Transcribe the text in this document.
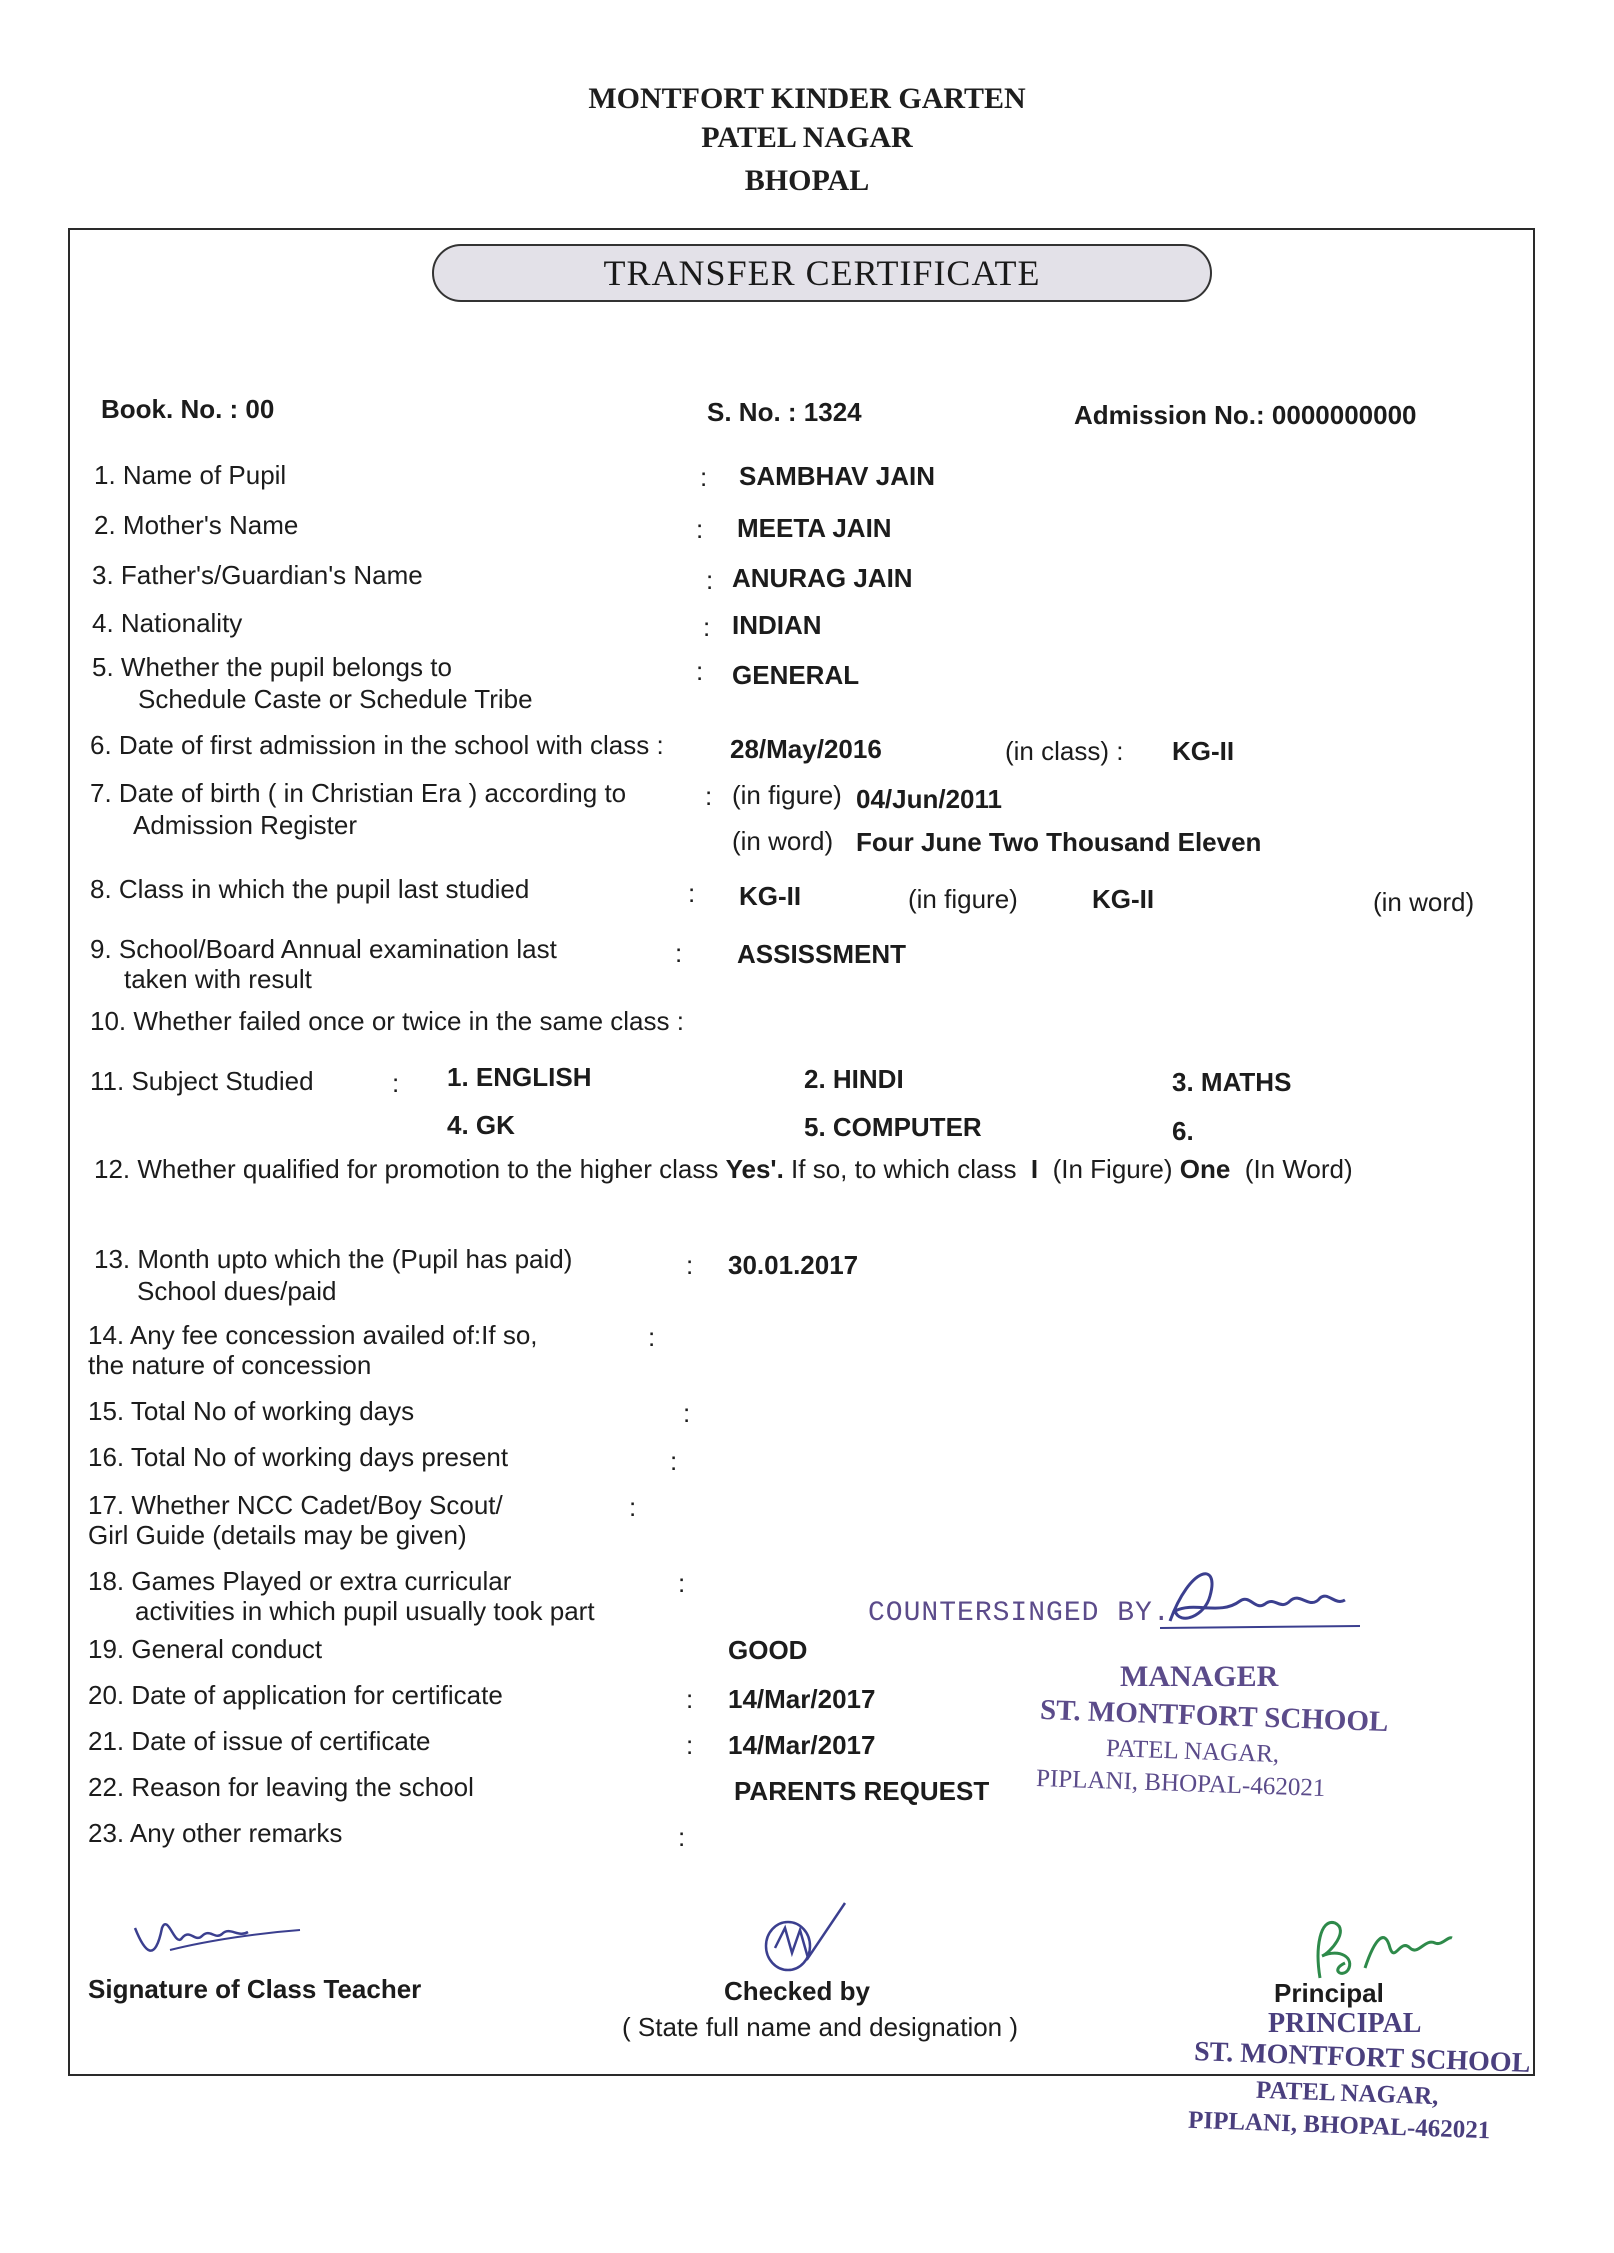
MONTFORT KINDER GARTEN
PATEL NAGAR
BHOPAL
TRANSFER CERTIFICATE
Book. No. : 00	S. No. : 1324	Admission No.: 0000000000
1. Name of Pupil	: SAMBHAV JAIN
2. Mother's Name	: MEETA JAIN
3. Father's/Guardian's Name	: ANURAG JAIN
4. Nationality	: INDIAN
5. Whether the pupil belongs to
Schedule Caste or Schedule Tribe
: GENERAL
6. Date of first admission in the school with class :	28/May/2016	(in class) : KG-II
7. Date of birth ( in Christian Era ) according to
Admission Register
: (in figure) 04/Jun/2011
(in word) Four June Two Thousand Eleven
8. Class in which the pupil last studied	: KG-II	(in figure)	KG-II	(in word)
9. School/Board Annual examination last
taken with result
: ASSISSMENT
10. Whether failed once or twice in the same class :
11. Subject Studied	: 1. ENGLISH	2. HINDI	3. MATHS
4. GK	5. COMPUTER	6.
12. Whether qualified for promotion to the higher class Yes'. If so, to which class I (In Figure) One (In Word)
13. Month upto which the (Pupil has paid)
School dues/paid
: 30.01.2017
14. Any fee concession availed of:If so,
the nature of concession
:
15. Total No of working days	:
16. Total No of working days present	:
17. Whether NCC Cadet/Boy Scout/
Girl Guide (details may be given)
:
18. Games Played or extra curricular
activities in which pupil usually took part
:
19. General conduct	GOOD
20. Date of application for certificate	: 14/Mar/2017
21. Date of issue of certificate	: 14/Mar/2017
22. Reason for leaving the school	PARENTS REQUEST
23. Any other remarks	:
COUNTERSINGED BY.
MANAGER
ST. MONTFORT SCHOOL
PATEL NAGAR,
PIPLANI, BHOPAL-462021
Signature of Class Teacher	Checked by
( State full name and designation )
Principal
PRINCIPAL
ST. MONTFORT SCHOOL
PATEL NAGAR,
PIPLANI, BHOPAL-462021
